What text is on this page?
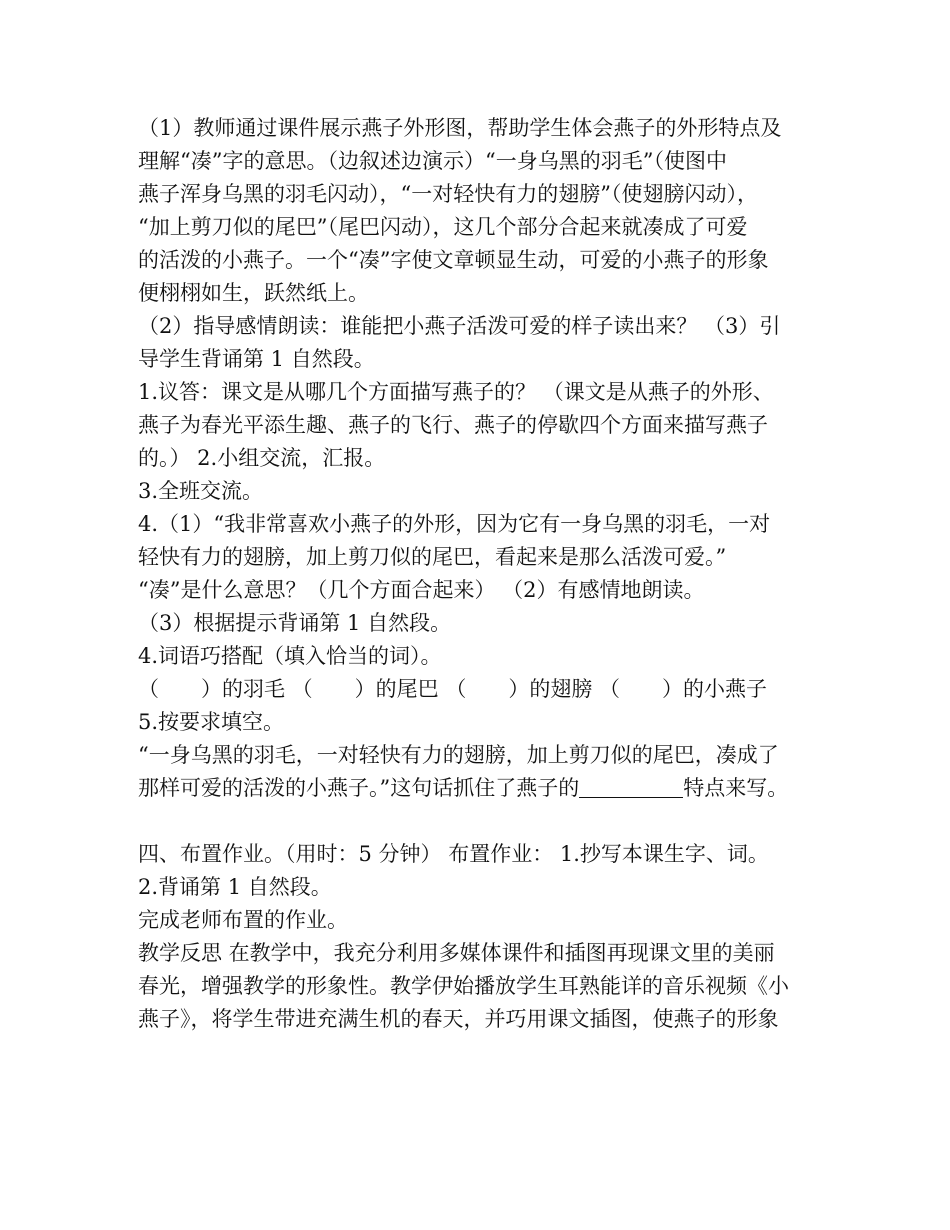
（1）教师通过课件展示燕子外形图，帮助学生体会燕子的外形特点及
理解“凑”字的意思。（边叙述边演示）“一身乌黑的羽毛”（使图中
燕子浑身乌黑的羽毛闪动），“一对轻快有力的翅膀”（使翅膀闪动），
“加上剪刀似的尾巴”（尾巴闪动），这几个部分合起来就凑成了可爱
的活泼的小燕子。一个“凑”字使文章顿显生动，可爱的小燕子的形象
便栩栩如生，跃然纸上。
（2）指导感情朗读：谁能把小燕子活泼可爱的样子读出来？ （3）引
导学生背诵第 1 自然段。
1.议答：课文是从哪几个方面描写燕子的？ （课文是从燕子的外形、
燕子为春光平添生趣、燕子的飞行、燕子的停歇四个方面来描写燕子
的。） 2.小组交流，汇报。
3.全班交流。
4.（1）“我非常喜欢小燕子的外形，因为它有一身乌黑的羽毛，一对
轻快有力的翅膀，加上剪刀似的尾巴，看起来是那么活泼可爱。”
“凑”是什么意思？（几个方面合起来） （2）有感情地朗读。
（3）根据提示背诵第 1 自然段。
4.词语巧搭配（填入恰当的词）。
（　　）的羽毛 （　　）的尾巴 （　　）的翅膀 （　　）的小燕子
5.按要求填空。
“一身乌黑的羽毛，一对轻快有力的翅膀，加上剪刀似的尾巴，凑成了
那样可爱的活泼的小燕子。”这句话抓住了燕子的	特点来写。
四、布置作业。（用时：5 分钟） 布置作业： 1.抄写本课生字、词。
2.背诵第 1 自然段。
完成老师布置的作业。
教学反思 在教学中，我充分利用多媒体课件和插图再现课文里的美丽
春光，增强教学的形象性。教学伊始播放学生耳熟能详的音乐视频《小
燕子》，将学生带进充满生机的春天，并巧用课文插图，使燕子的形象
